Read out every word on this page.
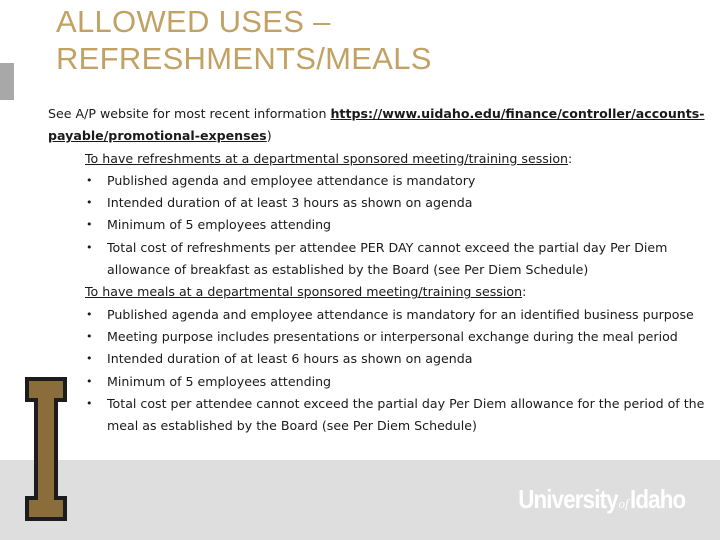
ALLOWED USES –
REFRESHMENTS/MEALS
See A/P website for most recent information https://www.uidaho.edu/finance/controller/accounts-
payable/promotional-expenses)
To have refreshments at a departmental sponsored meeting/training session:
• Published agenda and employee attendance is mandatory
• Intended duration of at least 3 hours as shown on agenda
• Minimum of 5 employees attending
• Total cost of refreshments per attendee PER DAY cannot exceed the partial day Per Diem allowance of breakfast as established by the Board (see Per Diem Schedule)
To have meals at a departmental sponsored meeting/training session:
• Published agenda and employee attendance is mandatory for an identified business purpose
• Meeting purpose includes presentations or interpersonal exchange during the meal period
• Intended duration of at least 6 hours as shown on agenda
• Minimum of 5 employees attending
• Total cost per attendee cannot exceed the partial day Per Diem allowance for the period of the meal as established by the Board (see Per Diem Schedule)
University of Idaho
